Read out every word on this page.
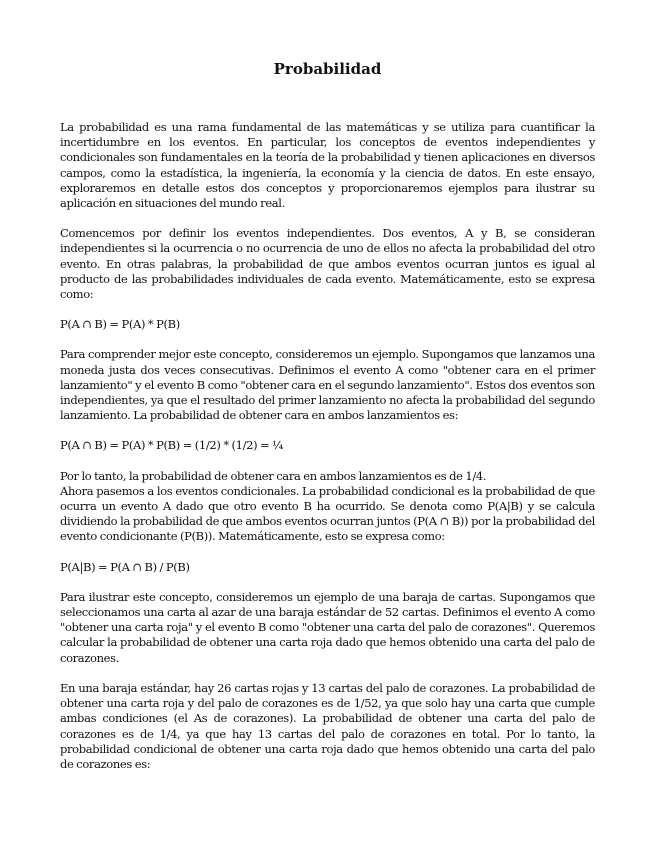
Probabilidad

La probabilidad es una rama fundamental de las matemáticas y se utiliza para cuantificar la incertidumbre en los eventos. En particular, los conceptos de eventos independientes y condicionales son fundamentales en la teoría de la probabilidad y tienen aplicaciones en diversos campos, como la estadística, la ingeniería, la economía y la ciencia de datos. En este ensayo, exploraremos en detalle estos dos conceptos y proporcionaremos ejemplos para ilustrar su aplicación en situaciones del mundo real.

Comencemos por definir los eventos independientes. Dos eventos, A y B, se consideran independientes si la ocurrencia o no ocurrencia de uno de ellos no afecta la probabilidad del otro evento. En otras palabras, la probabilidad de que ambos eventos ocurran juntos es igual al producto de las probabilidades individuales de cada evento. Matemáticamente, esto se expresa como:

P(A ∩ B) = P(A) * P(B)

Para comprender mejor este concepto, consideremos un ejemplo. Supongamos que lanzamos una moneda justa dos veces consecutivas. Definimos el evento A como "obtener cara en el primer lanzamiento" y el evento B como "obtener cara en el segundo lanzamiento". Estos dos eventos son independientes, ya que el resultado del primer lanzamiento no afecta la probabilidad del segundo lanzamiento. La probabilidad de obtener cara en ambos lanzamientos es:

P(A ∩ B) = P(A) * P(B) = (1/2) * (1/2) = ¼

Por lo tanto, la probabilidad de obtener cara en ambos lanzamientos es de 1/4.

Ahora pasemos a los eventos condicionales. La probabilidad condicional es la probabilidad de que ocurra un evento A dado que otro evento B ha ocurrido. Se denota como P(A|B) y se calcula dividiendo la probabilidad de que ambos eventos ocurran juntos (P(A ∩ B)) por la probabilidad del evento condicionante (P(B)). Matemáticamente, esto se expresa como:

P(A|B) = P(A ∩ B) / P(B)

Para ilustrar este concepto, consideremos un ejemplo de una baraja de cartas. Supongamos que seleccionamos una carta al azar de una baraja estándar de 52 cartas. Definimos el evento A como "obtener una carta roja" y el evento B como "obtener una carta del palo de corazones". Queremos calcular la probabilidad de obtener una carta roja dado que hemos obtenido una carta del palo de corazones.

En una baraja estándar, hay 26 cartas rojas y 13 cartas del palo de corazones. La probabilidad de obtener una carta roja y del palo de corazones es de 1/52, ya que solo hay una carta que cumple ambas condiciones (el As de corazones). La probabilidad de obtener una carta del palo de corazones es de 1/4, ya que hay 13 cartas del palo de corazones en total. Por lo tanto, la probabilidad condicional de obtener una carta roja dado que hemos obtenido una carta del palo de corazones es:
